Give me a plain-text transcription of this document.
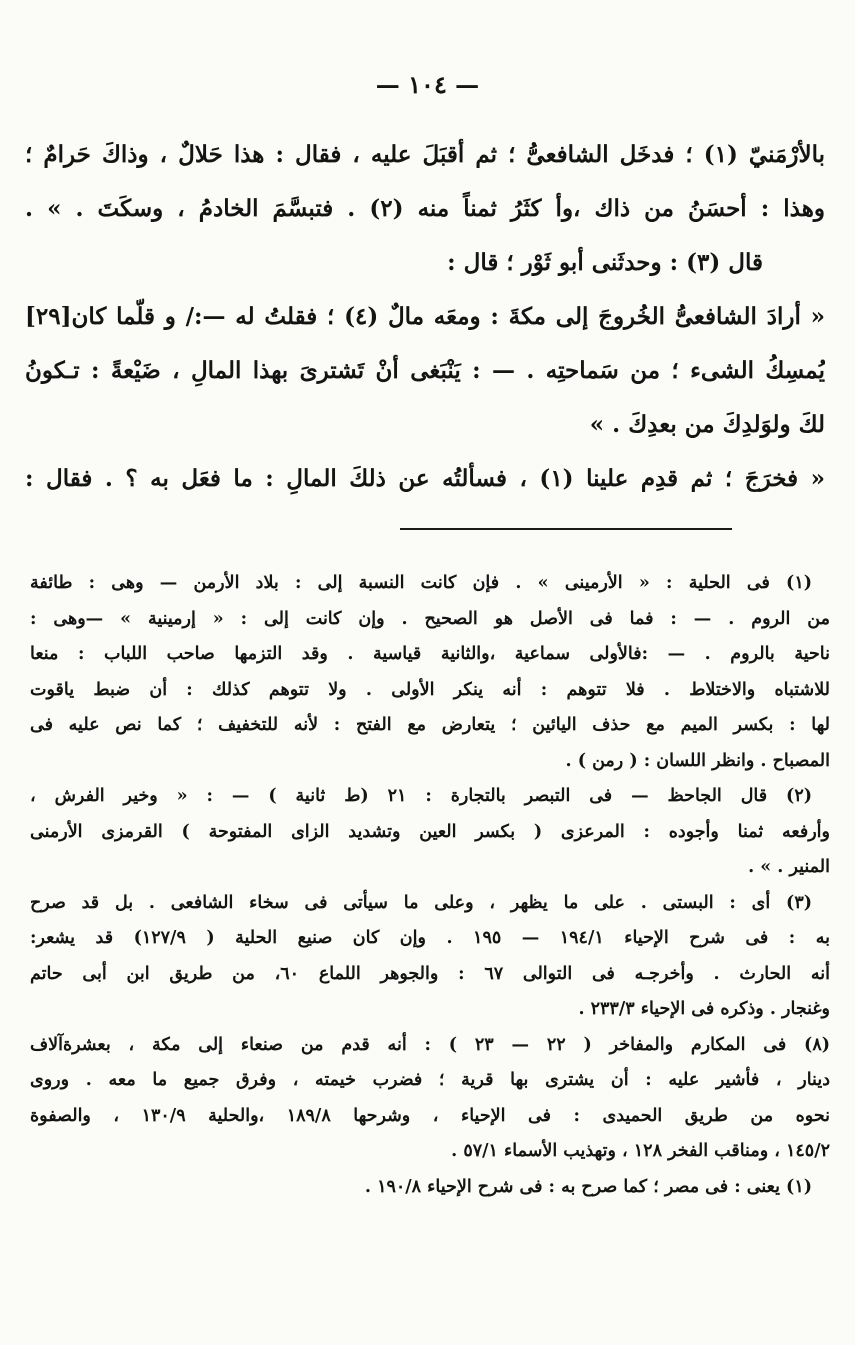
— ١٠٤ —
بالأرْمَنيّ (١) ؛ فدخَل الشافعىُّ ؛ ثم أقبَلَ عليه ، فقال : هذا حَلالٌ ، وذاكَ حَرامٌ ؛
وهذا : أحسَنُ من ذاك ،وأ كثَرُ ثمناً منه (٢) . فتبسَّمَ الخادمُ ، وسكَتَ . » .
قال (٣) : وحدثَنى أبو ثَوْر ؛ قال :
« أرادَ الشافعىُّ الخُروجَ إلى مكةَ : ومعَه مالٌ (٤) ؛ فقلتُ له —:/ و قلّما كان[٢٩]
يُمسِكُ الشىء ؛ من سَماحتِه . — : يَنْبَغى أنْ تَشترىَ بهذا المالِ ، ضَيْعةً : تـكونُ
لكَ ولوَلدِكَ من بعدِكَ . »
« فخرَجَ ؛ ثم قدِم علينا (١) ، فسألتُه عن ذلكَ المالِ : ما فعَل به ؟ . فقال :
(١) فى الحلية : « الأرمينى » . فإن كانت النسبة إلى : بلاد الأرمن — وهى : طائفة
من الروم . — : فما فى الأصل هو الصحيح . وإن كانت إلى : « إرمينية » —وهى :
ناحية بالروم . — :فالأولى سماعية ،والثانية قياسية . وقد التزمها صاحب اللباب : منعا
للاشتباه والاختلاط . فلا تتوهم : أنه ينكر الأولى . ولا تتوهم كذلك : أن ضبط ياقوت
لها : بكسر الميم مع حذف اليائين ؛ يتعارض مع الفتح : لأنه للتخفيف ؛ كما نص عليه فى
المصباح . وانظر اللسان : ( رمن ) .
(٢) قال الجاحظ — فى التبصر بالتجارة : ٢١ (ط ثانية ) — : « وخير الفرش ،
وأرفعه ثمنا وأجوده : المرعزى ( بكسر العين وتشديد الزاى المفتوحة ) القرمزى الأرمنى
المنير . » .
(٣) أى : البستى . على ما يظهر ، وعلى ما سيأتى فى سخاء الشافعى . بل قد صرح
به : فى شرح الإحياء ١٩٤/١ — ١٩٥ . وإن كان صنيع الحلية ( ١٢٧/٩) قد يشعر:
أنه الحارث . وأخرجـه فى التوالى ٦٧ : والجوهر اللماع ٦٠، من طريق ابن أبى حاتم
وغنجار . وذكره فى الإحياء ٢٣٣/٣ .
(٨) فى المكارم والمفاخر ( ٢٢ — ٢٣ ) : أنه قدم من صنعاء إلى مكة ، بعشرةآلاف
دينار ، فأشير عليه : أن يشترى بها قرية ؛ فضرب خيمته ، وفرق جميع ما معه . وروى
نحوه من طريق الحميدى : فى الإحياء ، وشرحها ١٨٩/٨ ،والحلية ١٣٠/٩ ، والصفوة
١٤٥/٢ ، ومناقب الفخر ١٢٨ ، وتهذيب الأسماء ٥٧/١ .
(١) يعنى : فى مصر ؛ كما صرح به : فى شرح الإحياء ١٩٠/٨ .
